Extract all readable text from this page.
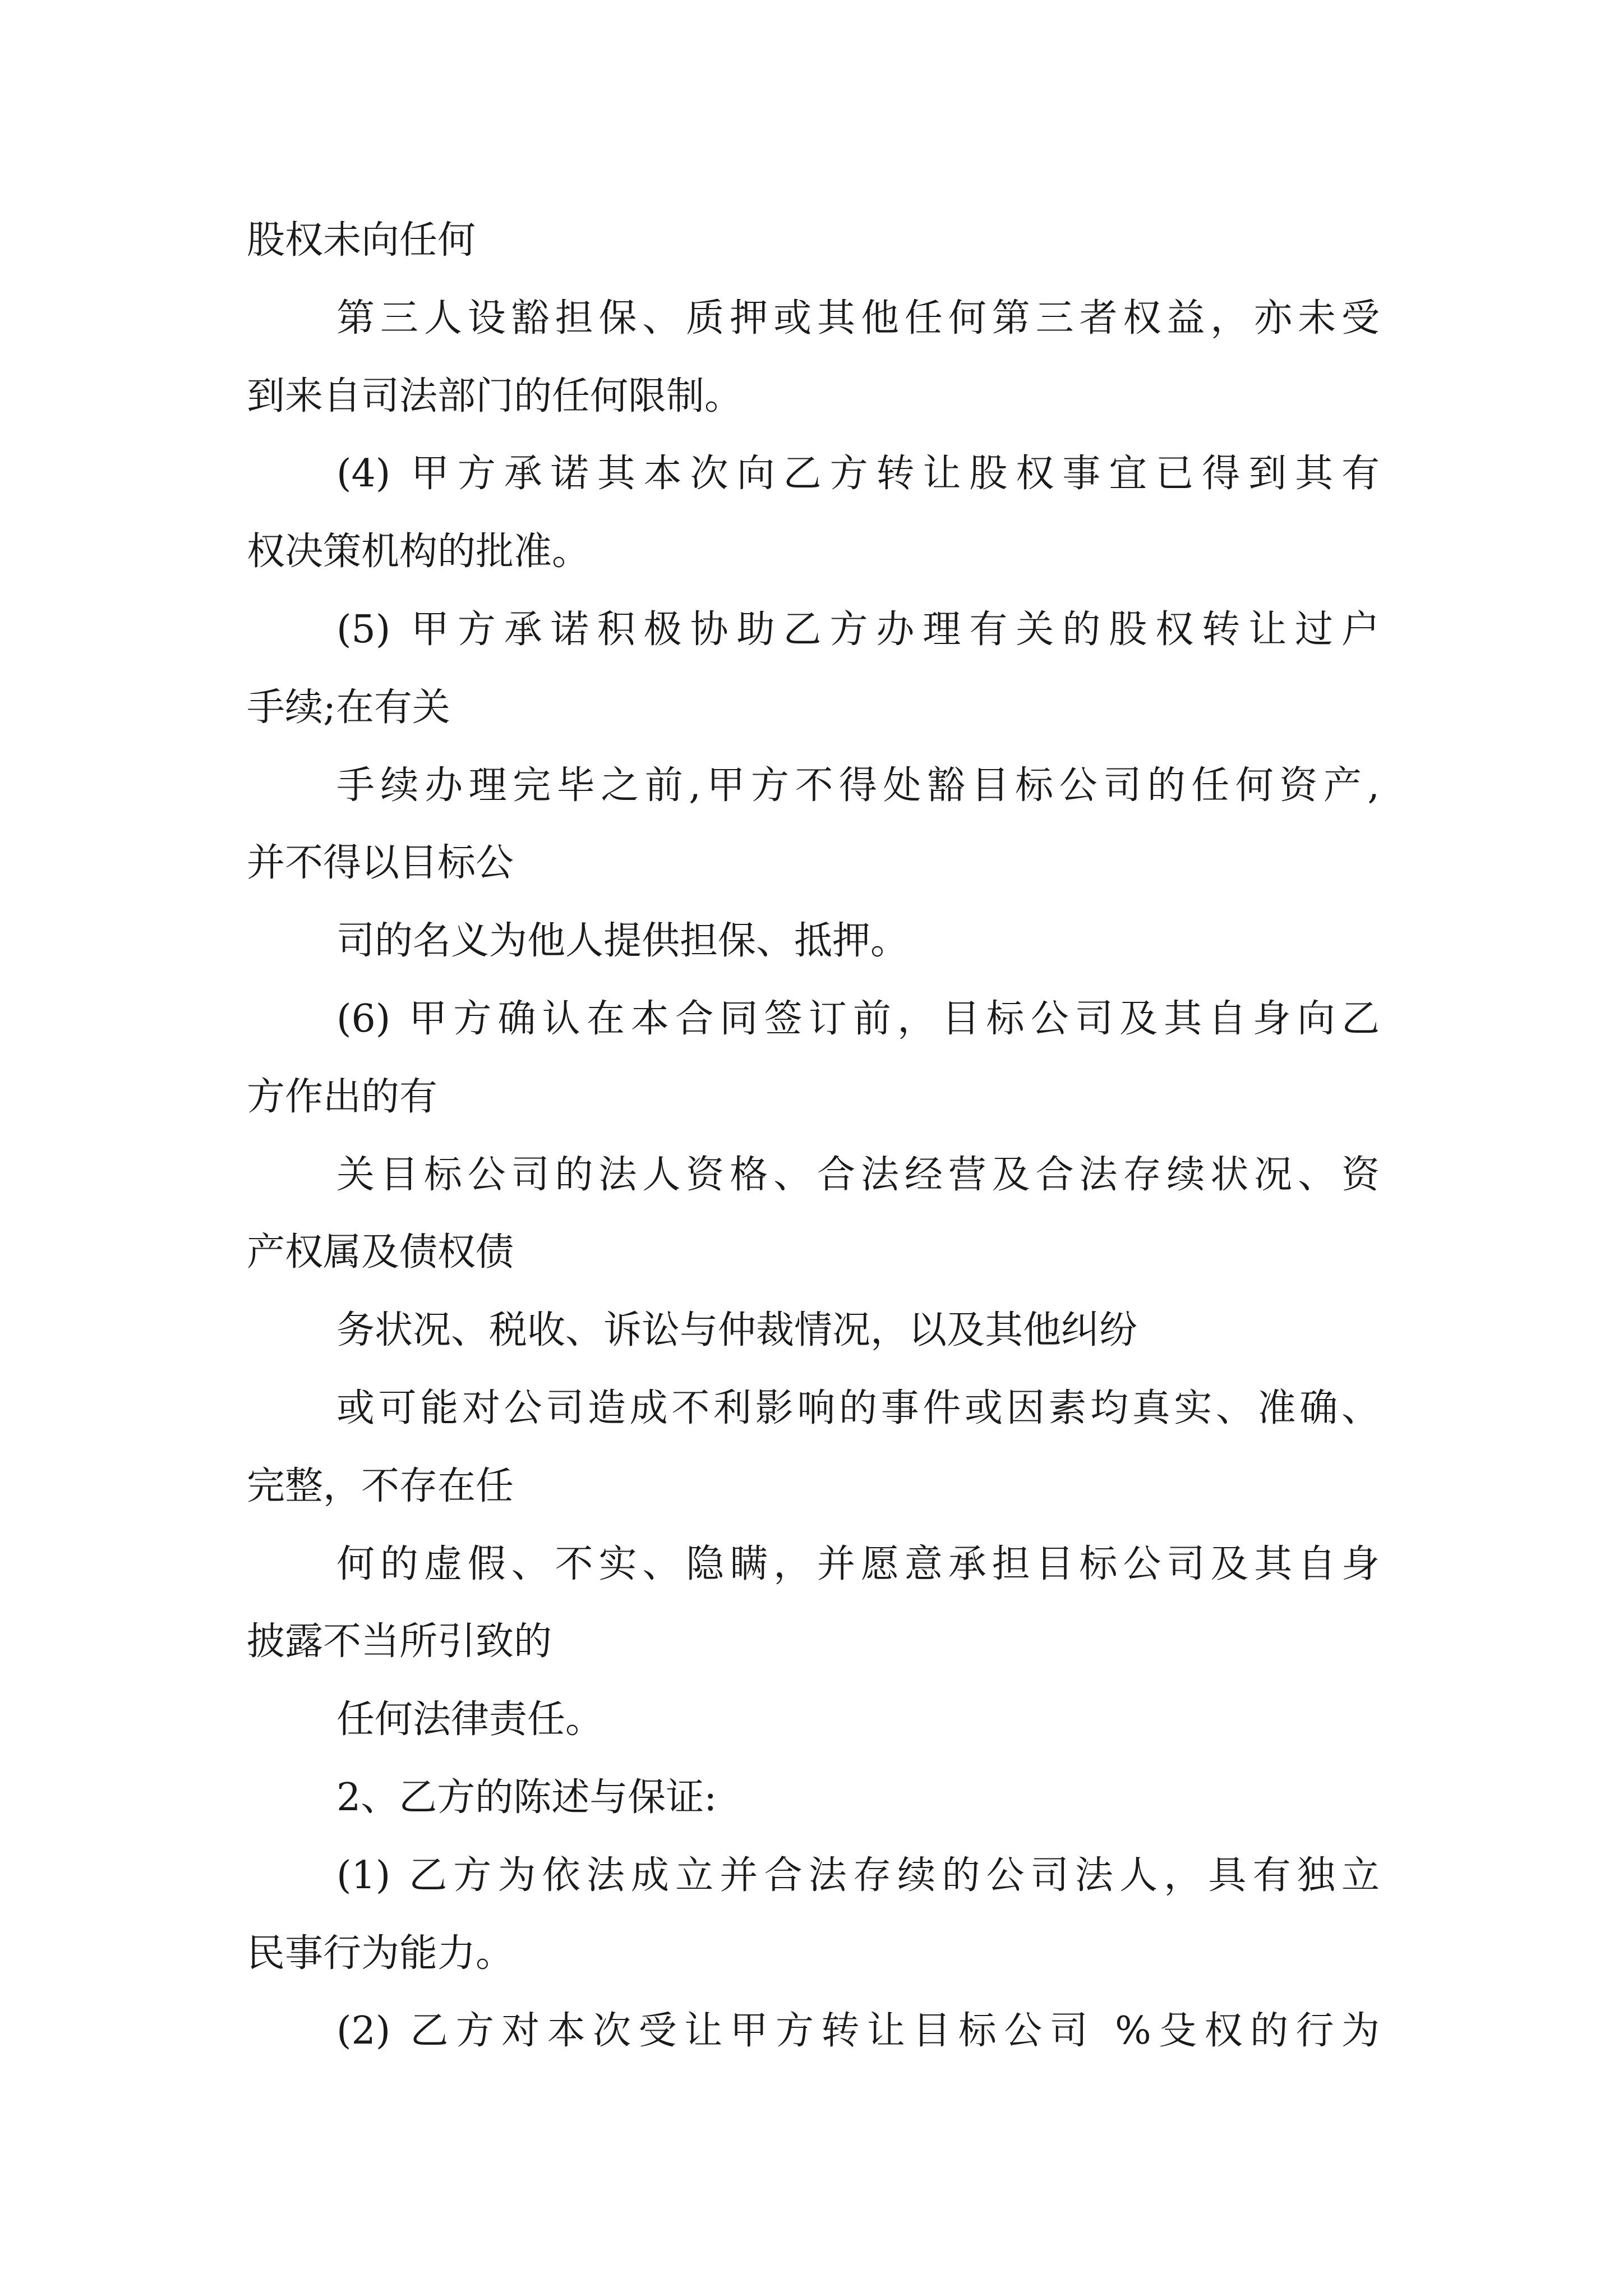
股权未向任何

第三人设豁担保、质押或其他任何第三者权益，亦未受

到来自司法部门的任何限制。

(4) 甲方承诺其本次向乙方转让股权事宜已得到其有

权决策机构的批准。

(5) 甲方承诺积极协助乙方办理有关的股权转让过户

手续;在有关

手续办理完毕之前,甲方不得处豁目标公司的任何资产,

并不得以目标公

司的名义为他人提供担保、抵押。

(6) 甲方确认在本合同签订前，目标公司及其自身向乙

方作出的有

关目标公司的法人资格、合法经营及合法存续状况、资

产权属及债权债

务状况、税收、诉讼与仲裁情况，以及其他纠纷

或可能对公司造成不利影响的事件或因素均真实、准确、

完整，不存在任

何的虚假、不实、隐瞒，并愿意承担目标公司及其自身

披露不当所引致的

任何法律责任。

2、乙方的陈述与保证:

(1) 乙方为依法成立并合法存续的公司法人，具有独立

民事行为能力。

(2) 乙方对本次受让甲方转让目标公司 %殳权的行为
